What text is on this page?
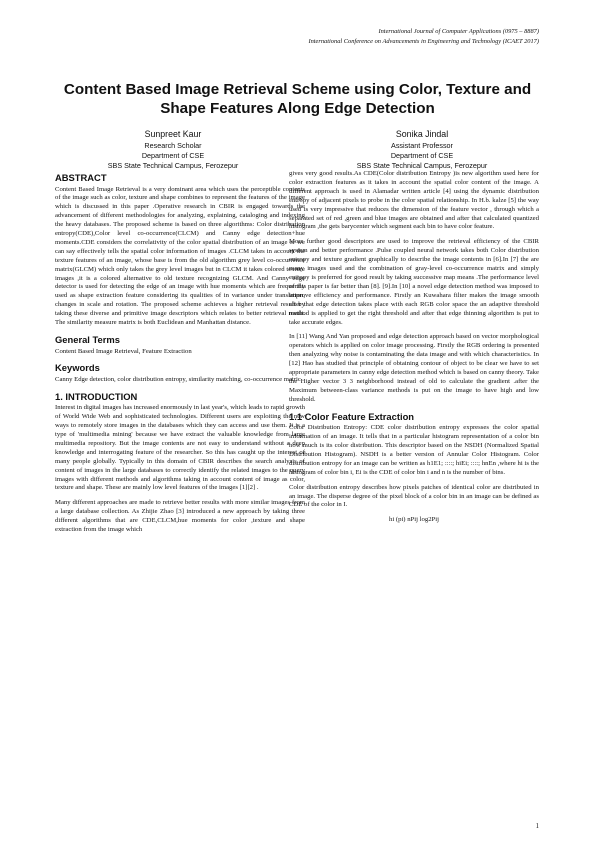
International Journal of Computer Applications (0975 – 8887)
International Conference on Advancements in Engineering and Technology (ICAET 2017)
Content Based Image Retrieval Scheme using Color, Texture and Shape Features Along Edge Detection
Sunpreet Kaur
Research Scholar
Department of CSE
SBS State Technical Campus, Ferozepur
Sonika Jindal
Assistant Professor
Department of CSE
SBS State Technical Campus, Ferozepur
ABSTRACT

Content Based Image Retrieval is a very dominant area which uses the perceptible contents of the image such as color, texture and shape combines to represent the features of the image which is discussed in this paper .Operative research in CBIR is engaged towards the advancement of different methodologies for analyzing, explaining, cataloging and indexing the heavy databases. The proposed scheme is based on three algorithms: Color distribution entropy(CDE),Color level co-occurrence(CLCM) and Canny edge detection+hue moments.CDE considers the correlativity of the color spatial distribution of an image or we can say effectively tells the spatial color information of images .CLCM takes in account the texture features of an image, whose base is from the old algorithm grey level co-occurrence matrix(GLCM) which only takes the grey level images but in CLCM it takes colored texture images ,it is a colored alternative to old texture recognizing GLCM. And Canny edge detector is used for detecting the edge of an image with hue moments which are frequently used as shape extraction feature considering its qualities of in variance under translation, changes in scale and rotation. The proposed scheme achieves a higher retrieval result by taking these diverse and primitive image descriptors which relates to better retrieval result. The similarity measure matrix is both Euclidean and Manhattan distance.

General Terms

Content Based Image Retrieval, Feature Extraction

Keywords

Canny Edge detection, color distribution entropy, similarity matching, co-occurrence matric

1. INTRODUCTION

Interest in digital images has increased enormously in last year's, which leads to rapid growth of World Wide Web and sophisticated technologies. Different users are exploiting the new ways to remotely store images in the databases which they can access and use them. It is a type of 'multimedia mining' because we have extract the valuable knowledge from large multimedia repository. But the image contents are not easy to understand without a deep knowledge and interrogating feature of the researcher. So this has caught up the interest of many people globally. Typically in this domain of CBIR describes the search analysis of content of images in the large databases to correctly identify the related images to the query images with different methods and algorithms taking in account content of image as color, texture and shape. These are mainly low level features of the images [1][2] .

Many different approaches are made to retrieve better results with more similar images from a large database collection. As Zhijie Zhao [3] introduced a new approach by taking three different algorithms that are CDE,CLCM,hue moments for color ,texture and shape extraction from the image which

gives very good results.As CDE(Color distribution Entropy )is new algorithm used here for color extraction features as it takes in account the spatial color content of the image. A different approach is used in Alamadar written article [4] using the dynamic distribution entropy of adjacent pixels to probe in the color spatial relationship. In H.b. kalze [5] the way used is very impressive that reduces the dimension of the feature vector , through which a separated set of red ,green and blue images are obtained and after that calculated quantized histogram ,the gets barycenter which segment each bin to have color feature.

More further good descriptors are used to improve the retrieval efficiency of the CBIR system and better performance .Pulse coupled neural network takes both Color distribution entropy and texture gradient graphically to describe the image contents in [6].In [7] the are many images used and the combination of gray-level co-occurrence matrix and simply entropy is preferred for good result by taking successive map means .The performance level of this paper is far better than [8]. [9].In [10] a novel edge detection method was imposed to improve efficiency and performance. Firstly an Kuwahara filter makes the image smooth after that edge detection takes place with each RGB color space the an adaptive threshold method is applied to get the right threshold and after that edge thinning algorithm is put to take accurate edges.

In [11] Wang And Yan proposed and edge detection approach based on vector morphological operators which is applied on color image processing. Firstly the RGB ordering is presented then analyzing why noise is contaminating the data image and with which characteristics. In [12] Hao has studied that principle of obtaining contour of object to be clear we have to set appropriate parameters in canny edge detection method which is based on canny theory. Take the Higher vector 3 3 neighborhood instead of old to calculate the gradient .after the Maximum between-class variance methods is put on the image to have high and low threshold.

1.1 Color Feature Extraction

Color Distribution Entropy: CDE color distribution entropy expresses the color spatial information of an image. It tells that in a particular histogram representation of a color bin how much is its color distribution. This descriptor based on the NSDH (Normalized Spatial Distribution Histogram). NSDH is a better version of Annular Color Histogram. Color distribution entropy for an image can be written as h1E1; ::::; hiEi; ::::; hnEn ,where hi is the histogram of color bin i, Ei is the CDE of color bin i and n is the number of bins.

Color distribution entropy describes how pixels patches of identical color are distributed in an image. The disperse degree of the pixel block of a color bin in an image can be defined as CDE of the color in I.

hi (pi) nPij log2Pij
1
